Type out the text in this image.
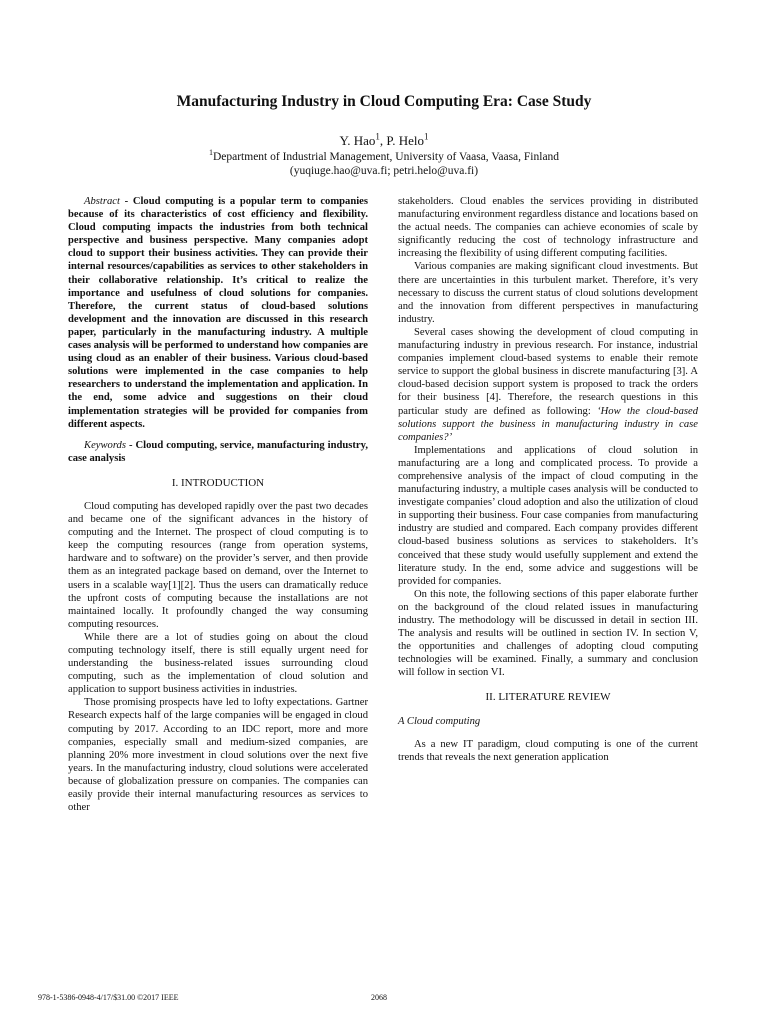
Manufacturing Industry in Cloud Computing Era: Case Study
Y. Hao$^1$, P. Helo$^1$
$^1$Department of Industrial Management, University of Vaasa, Vaasa, Finland
(yuqiuge.hao@uva.fi; petri.helo@uva.fi)

Abstract - Cloud computing is a popular term to companies because of its characteristics of cost efficiency and flexibility. Cloud computing impacts the industries from both technical perspective and business perspective. Many companies adopt cloud to support their business activities. They can provide their internal resources/capabilities as services to other stakeholders in their collaborative relationship. It’s critical to realize the importance and usefulness of cloud solutions for companies. Therefore, the current status of cloud-based solutions development and the innovation are discussed in this research paper, particularly in the manufacturing industry. A multiple cases analysis will be performed to understand how companies are using cloud as an enabler of their business. Various cloud-based solutions were implemented in the case companies to help researchers to understand the implementation and application. In the end, some advice and suggestions on their cloud implementation strategies will be provided for companies from different aspects.

Keywords - Cloud computing, service, manufacturing industry, case analysis

I. INTRODUCTION

Cloud computing has developed rapidly over the past two decades and became one of the significant advances in the history of computing and the Internet. The prospect of cloud computing is to keep the computing resources (range from operation systems, hardware and to software) on the provider’s server, and then provide them as an integrated package based on demand, over the Internet to users in a scalable way[1][2]. Thus the users can dramatically reduce the upfront costs of computing because the installations are not maintained locally. It profoundly changed the way consuming computing resources.

While there are a lot of studies going on about the cloud computing technology itself, there is still equally urgent need for understanding the business-related issues surrounding cloud computing, such as the implementation of cloud solution and application to support business activities in industries.

Those promising prospects have led to lofty expectations. Gartner Research expects half of the large companies will be engaged in cloud computing by 2017. According to an IDC report, more and more companies, especially small and medium-sized companies, are planning 20% more investment in cloud solutions over the next five years. In the manufacturing industry, cloud solutions were accelerated because of globalization pressure on companies. The companies can easily provide their internal manufacturing resources as services to other

stakeholders. Cloud enables the services providing in distributed manufacturing environment regardless distance and locations based on the actual needs. The companies can achieve economies of scale by significantly reducing the cost of technology infrastructure and increasing the flexibility of using different computing facilities.

Various companies are making significant cloud investments. But there are uncertainties in this turbulent market. Therefore, it’s very necessary to discuss the current status of cloud solutions development and the innovation from different perspectives in manufacturing industry.

Several cases showing the development of cloud computing in manufacturing industry in previous research. For instance, industrial companies implement cloud-based systems to enable their remote service to support the global business in discrete manufacturing [3]. A cloud-based decision support system is proposed to track the orders for their business [4]. Therefore, the research questions in this particular study are defined as following: ‘How the cloud-based solutions support the business in manufacturing industry in case companies?’

Implementations and applications of cloud solution in manufacturing are a long and complicated process. To provide a comprehensive analysis of the impact of cloud computing in the manufacturing industry, a multiple cases analysis will be conducted to investigate companies’ cloud adoption and also the utilization of cloud in supporting their business. Four case companies from manufacturing industry are studied and compared. Each company provides different cloud-based business solutions as services to stakeholders. It’s conceived that these study would usefully supplement and extend the literature study. In the end, some advice and suggestions will be provided for companies.

On this note, the following sections of this paper elaborate further on the background of the cloud related issues in manufacturing industry. The methodology will be discussed in detail in section III. The analysis and results will be outlined in section IV. In section V, the opportunities and challenges of adopting cloud computing technologies will be examined. Finally, a summary and conclusion will follow in section VI.

II. LITERATURE REVIEW

A Cloud computing

As a new IT paradigm, cloud computing is one of the current trends that reveals the next generation application

978-1-5386-0948-4/17/$31.00 ©2017 IEEE	2068
